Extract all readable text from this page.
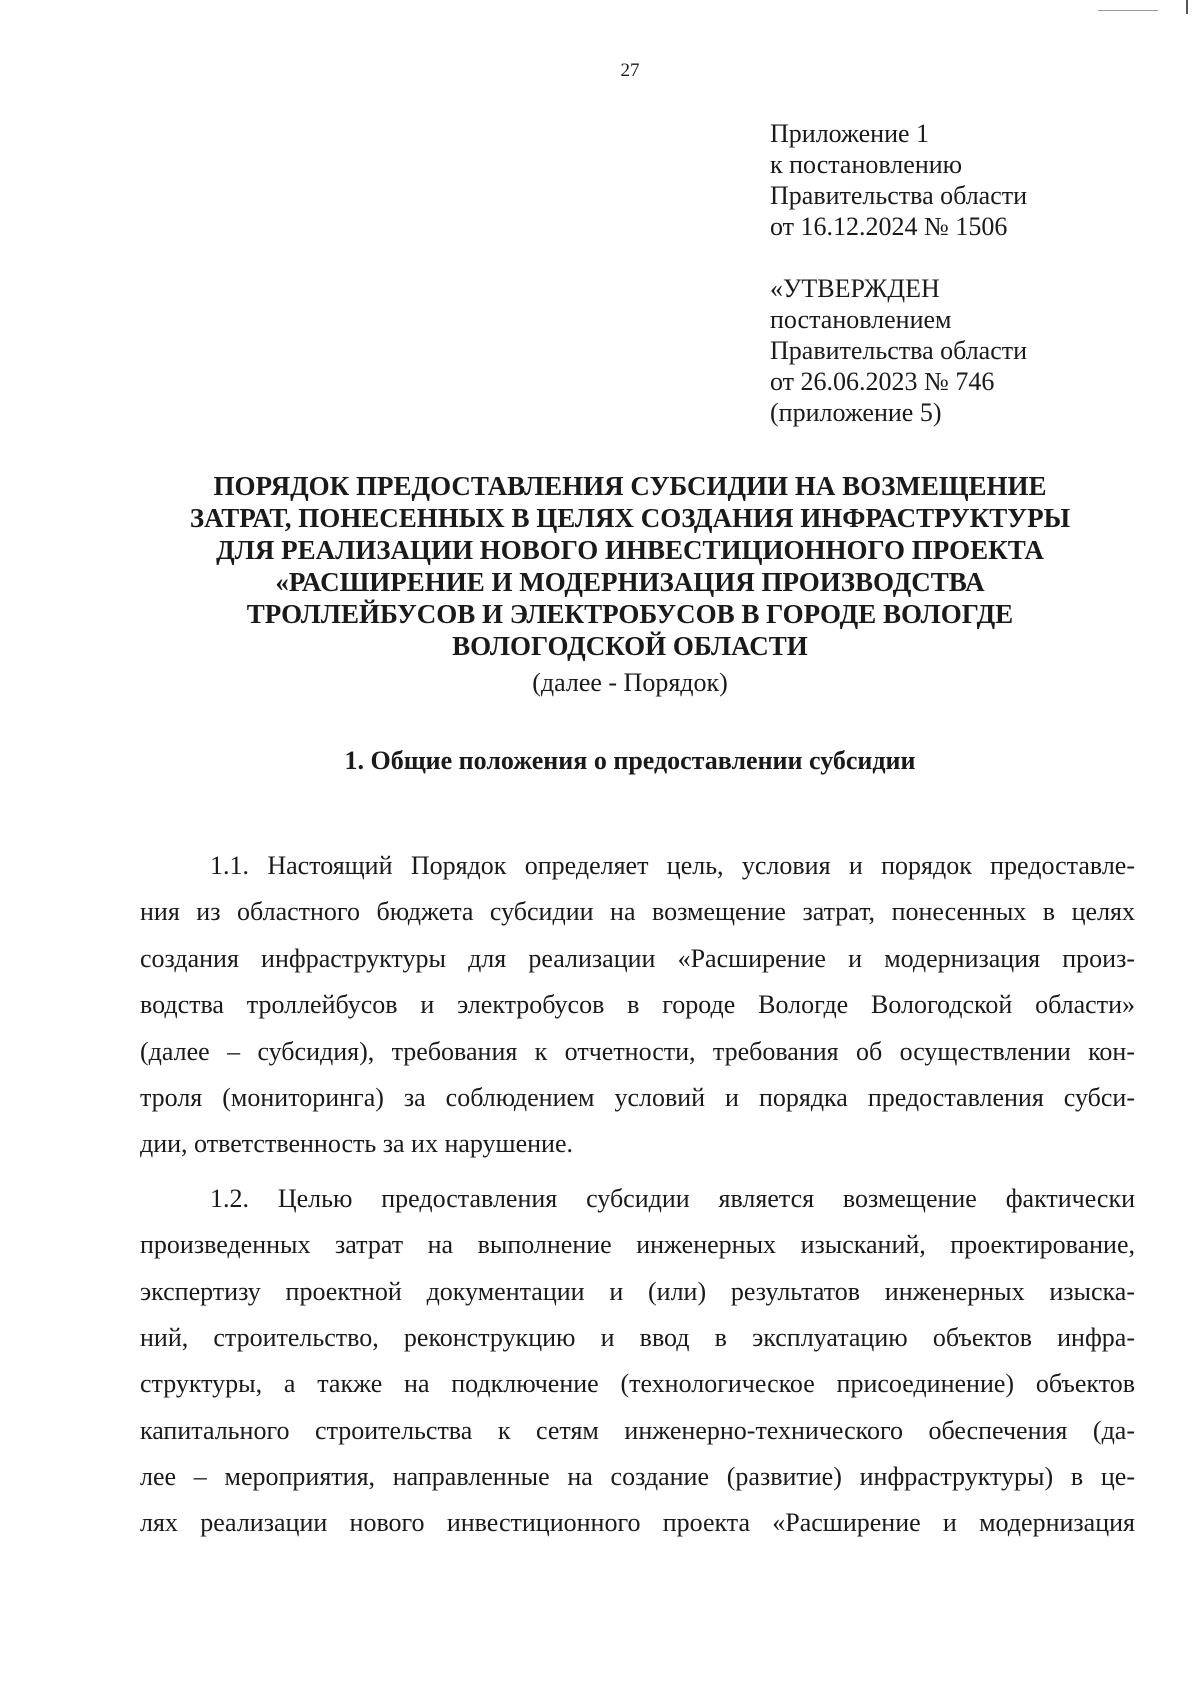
27
Приложение 1
к постановлению
Правительства области
от 16.12.2024 № 1506
«УТВЕРЖДЕН
постановлением
Правительства области
от 26.06.2023 № 746
(приложение 5)
ПОРЯДОК ПРЕДОСТАВЛЕНИЯ СУБСИДИИ НА ВОЗМЕЩЕНИЕ
ЗАТРАТ, ПОНЕСЕННЫХ В ЦЕЛЯХ СОЗДАНИЯ ИНФРАСТРУКТУРЫ
ДЛЯ РЕАЛИЗАЦИИ НОВОГО ИНВЕСТИЦИОННОГО ПРОЕКТА
«РАСШИРЕНИЕ И МОДЕРНИЗАЦИЯ ПРОИЗВОДСТВА
ТРОЛЛЕЙБУСОВ И ЭЛЕКТРОБУСОВ В ГОРОДЕ ВОЛОГДЕ
ВОЛОГОДСКОЙ ОБЛАСТИ
(далее - Порядок)
1. Общие положения о предоставлении субсидии
1.1. Настоящий Порядок определяет цель, условия и порядок предоставле-
ния из областного бюджета субсидии на возмещение затрат, понесенных в целях
создания инфраструктуры для реализации «Расширение и модернизация произ-
водства троллейбусов и электробусов в городе Вологде Вологодской области»
(далее – субсидия), требования к отчетности, требования об осуществлении кон-
троля (мониторинга) за соблюдением условий и порядка предоставления субси-
дии, ответственность за их нарушение.
1.2. Целью предоставления субсидии является возмещение фактически
произведенных затрат на выполнение инженерных изысканий, проектирование,
экспертизу проектной документации и (или) результатов инженерных изыска-
ний, строительство, реконструкцию и ввод в эксплуатацию объектов инфра-
структуры, а также на подключение (технологическое присоединение) объектов
капитального строительства к сетям инженерно-технического обеспечения (да-
лее – мероприятия, направленные на создание (развитие) инфраструктуры) в це-
лях реализации нового инвестиционного проекта «Расширение и модернизация
